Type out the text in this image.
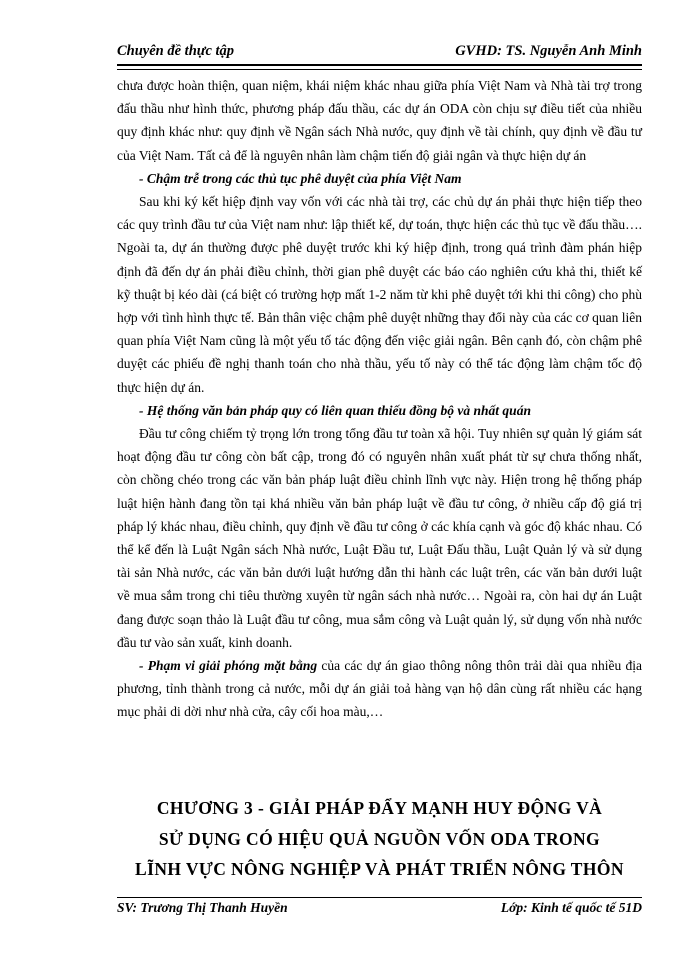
Chuyên đề thực tập	GVHD: TS. Nguyễn Anh Minh

chưa được hoàn thiện, quan niệm, khái niệm khác nhau giữa phía Việt Nam và Nhà tài trợ trong đấu thầu như hình thức, phương pháp đấu thầu, các dự án ODA còn chịu sự điều tiết của nhiều quy định khác như: quy định về Ngân sách Nhà nước, quy định về tài chính, quy định về đầu tư của Việt Nam. Tất cả để là nguyên nhân làm chậm tiến độ giải ngân và thực hiện dự án

- Chậm trễ trong các thủ tục phê duyệt của phía Việt Nam

Sau khi ký kết hiệp định vay vốn với các nhà tài trợ, các chủ dự án phải thực hiện tiếp theo các quy trình đầu tư của Việt nam như: lập thiết kế, dự toán, thực hiện các thủ tục về đấu thầu…. Ngoài ta, dự án thường được phê duyệt trước khi ký hiệp định, trong quá trình đàm phán hiệp định đã đến dự án phải điều chỉnh, thời gian phê duyệt các báo cáo nghiên cứu khả thi, thiết kế kỹ thuật bị kéo dài (cá biệt có trường hợp mất 1-2 năm từ khi phê duyệt tới khi thi công) cho phù hợp với tình hình thực tế. Bản thân việc chậm phê duyệt những thay đổi này của các cơ quan liên quan phía Việt Nam cũng là một yếu tố tác động đến việc giải ngân. Bên cạnh đó, còn chậm phê duyệt các phiếu đề nghị thanh toán cho nhà thầu, yếu tố này có thể tác động làm chậm tốc độ thực hiện dự án.

- Hệ thống văn bản pháp quy có liên quan thiếu đồng bộ và nhất quán

Đầu tư công chiếm tỷ trọng lớn trong tổng đầu tư toàn xã hội. Tuy nhiên sự quản lý giám sát hoạt động đầu tư công còn bất cập, trong đó có nguyên nhân xuất phát từ sự chưa thống nhất, còn chồng chéo trong các văn bản pháp luật điều chỉnh lĩnh vực này. Hiện trong hệ thống pháp luật hiện hành đang tồn tại khá nhiều văn bản pháp luật về đầu tư công, ở nhiều cấp độ giá trị pháp lý khác nhau, điều chỉnh, quy định về đầu tư công ở các khía cạnh và góc độ khác nhau. Có thể kể đến là Luật Ngân sách Nhà nước, Luật Đầu tư, Luật Đấu thầu, Luật Quản lý và sử dụng tài sản Nhà nước, các văn bản dưới luật hướng dẫn thi hành các luật trên, các văn bản dưới luật về mua sắm trong chi tiêu thường xuyên từ ngân sách nhà nước… Ngoài ra, còn hai dự án Luật đang được soạn thảo là Luật đầu tư công, mua sắm công và Luật quản lý, sử dụng vốn nhà nước đầu tư vào sản xuất, kinh doanh.

- Phạm vi giải phóng mặt bằng của các dự án giao thông nông thôn trải dài qua nhiều địa phương, tỉnh thành trong cả nước, mỗi dự án giải toả hàng vạn hộ dân cùng rất nhiều các hạng mục phải di dời như nhà cửa, cây cối hoa màu,…

CHƯƠNG 3 - GIẢI PHÁP ĐẨY MẠNH HUY ĐỘNG VÀ
SỬ DỤNG CÓ HIỆU QUẢ NGUỒN VỐN ODA TRONG
LĨNH VỰC NÔNG NGHIỆP VÀ PHÁT TRIỂN NÔNG THÔN
SV: Trương Thị Thanh Huyền	Lớp: Kinh tế quốc tế 51D
